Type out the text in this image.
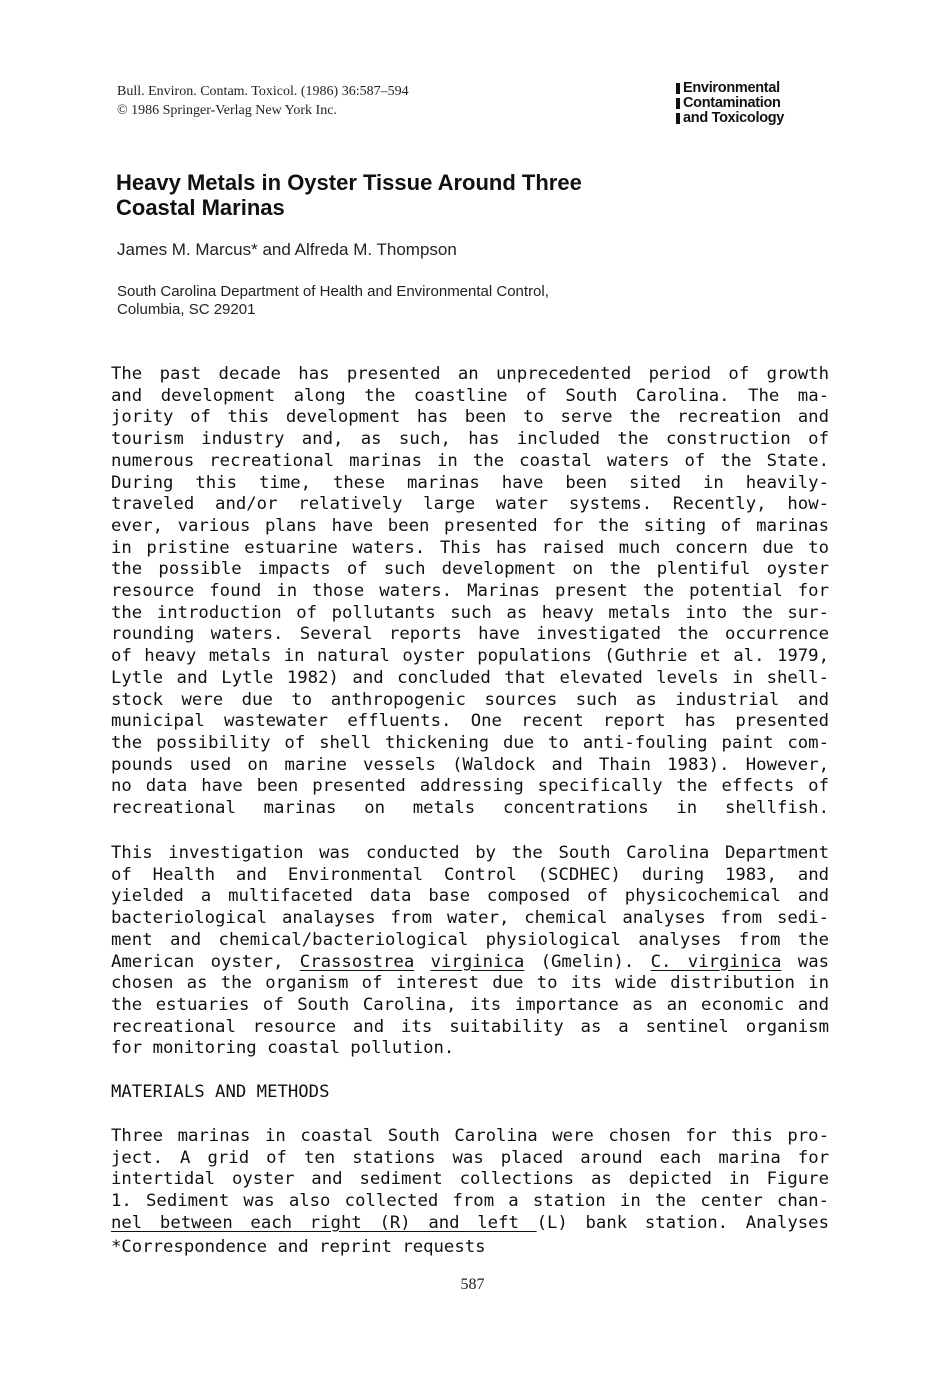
Bull. Environ. Contam. Toxicol. (1986) 36:587–594
© 1986 Springer-Verlag New York Inc.
Environmental
Contamination
and Toxicology
Heavy Metals in Oyster Tissue Around Three
Coastal Marinas
James M. Marcus* and Alfreda M. Thompson
South Carolina Department of Health and Environmental Control,
Columbia, SC 29201
The past decade has presented an unprecedented period of growth
and development along the coastline of South Carolina. The ma-
jority of this development has been to serve the recreation and
tourism industry and, as such, has included the construction of
numerous recreational marinas in the coastal waters of the State.
During this time, these marinas have been sited in heavily-
traveled and/or relatively large water systems. Recently, how-
ever, various plans have been presented for the siting of marinas
in pristine estuarine waters. This has raised much concern due to
the possible impacts of such development on the plentiful oyster
resource found in those waters. Marinas present the potential for
the introduction of pollutants such as heavy metals into the sur-
rounding waters. Several reports have investigated the occurrence
of heavy metals in natural oyster populations (Guthrie et al. 1979,
Lytle and Lytle 1982) and concluded that elevated levels in shell-
stock were due to anthropogenic sources such as industrial and
municipal wastewater effluents. One recent report has presented
the possibility of shell thickening due to anti-fouling paint com-
pounds used on marine vessels (Waldock and Thain 1983). However,
no data have been presented addressing specifically the effects of
recreational marinas on metals concentrations in shellfish.
This investigation was conducted by the South Carolina Department
of Health and Environmental Control (SCDHEC) during 1983, and
yielded a multifaceted data base composed of physicochemical and
bacteriological analayses from water, chemical analyses from sedi-
ment and chemical/bacteriological physiological analyses from the
American oyster, Crassostrea virginica (Gmelin). C. virginica was
chosen as the organism of interest due to its wide distribution in
the estuaries of South Carolina, its importance as an economic and
recreational resource and its suitability as a sentinel organism
for monitoring coastal pollution.
MATERIALS AND METHODS
Three marinas in coastal South Carolina were chosen for this pro-
ject. A grid of ten stations was placed around each marina for
intertidal oyster and sediment collections as depicted in Figure
1. Sediment was also collected from a station in the center chan-
nel between each right (R) and left (L) bank station. Analyses
*Correspondence and reprint requests
587
